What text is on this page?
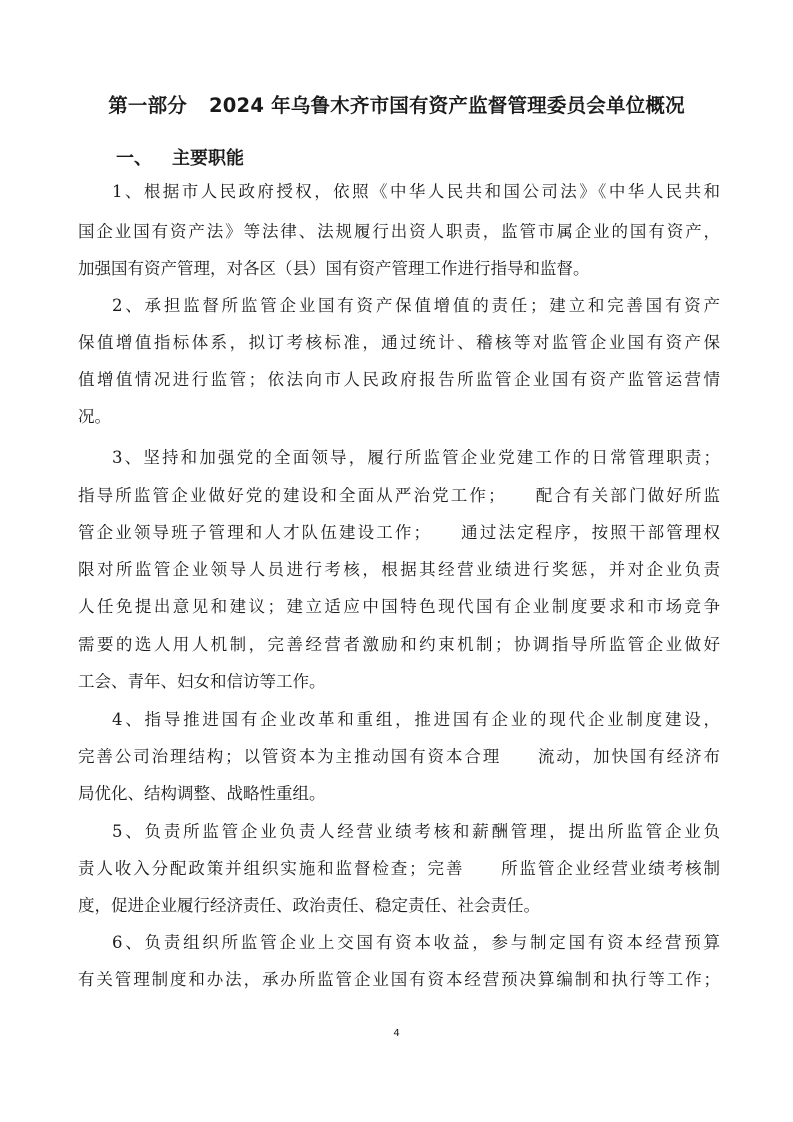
第一部分 2024 年乌鲁木齐市国有资产监督管理委员会单位概况
一、 主要职能
1、根据市人民政府授权，依照《中华人民共和国公司法》《中华人民共和
国企业国有资产法》等法律、法规履行出资人职责，监管市属企业的国有资产，
加强国有资产管理，对各区（县）国有资产管理工作进行指导和监督。
2、承担监督所监管企业国有资产保值增值的责任；建立和完善国有资产
保值增值指标体系，拟订考核标准，通过统计、稽核等对监管企业国有资产保
值增值情况进行监管；依法向市人民政府报告所监管企业国有资产监管运营情
况。
3、坚持和加强党的全面领导，履行所监管企业党建工作的日常管理职责；
指导所监管企业做好党的建设和全面从严治党工作；　　配合有关部门做好所监
管企业领导班子管理和人才队伍建设工作；　　通过法定程序，按照干部管理权
限对所监管企业领导人员进行考核，根据其经营业绩进行奖惩，并对企业负责
人任免提出意见和建议；建立适应中国特色现代国有企业制度要求和市场竞争
需要的选人用人机制，完善经营者激励和约束机制；协调指导所监管企业做好
工会、青年、妇女和信访等工作。
4、指导推进国有企业改革和重组，推进国有企业的现代企业制度建设，
完善公司治理结构；以管资本为主推动国有资本合理　　流动，加快国有经济布
局优化、结构调整、战略性重组。
5、负责所监管企业负责人经营业绩考核和薪酬管理，提出所监管企业负
责人收入分配政策并组织实施和监督检查；完善　　所监管企业经营业绩考核制
度，促进企业履行经济责任、政治责任、稳定责任、社会责任。
6、负责组织所监管企业上交国有资本收益，参与制定国有资本经营预算
有关管理制度和办法，承办所监管企业国有资本经营预决算编制和执行等工作；
4
